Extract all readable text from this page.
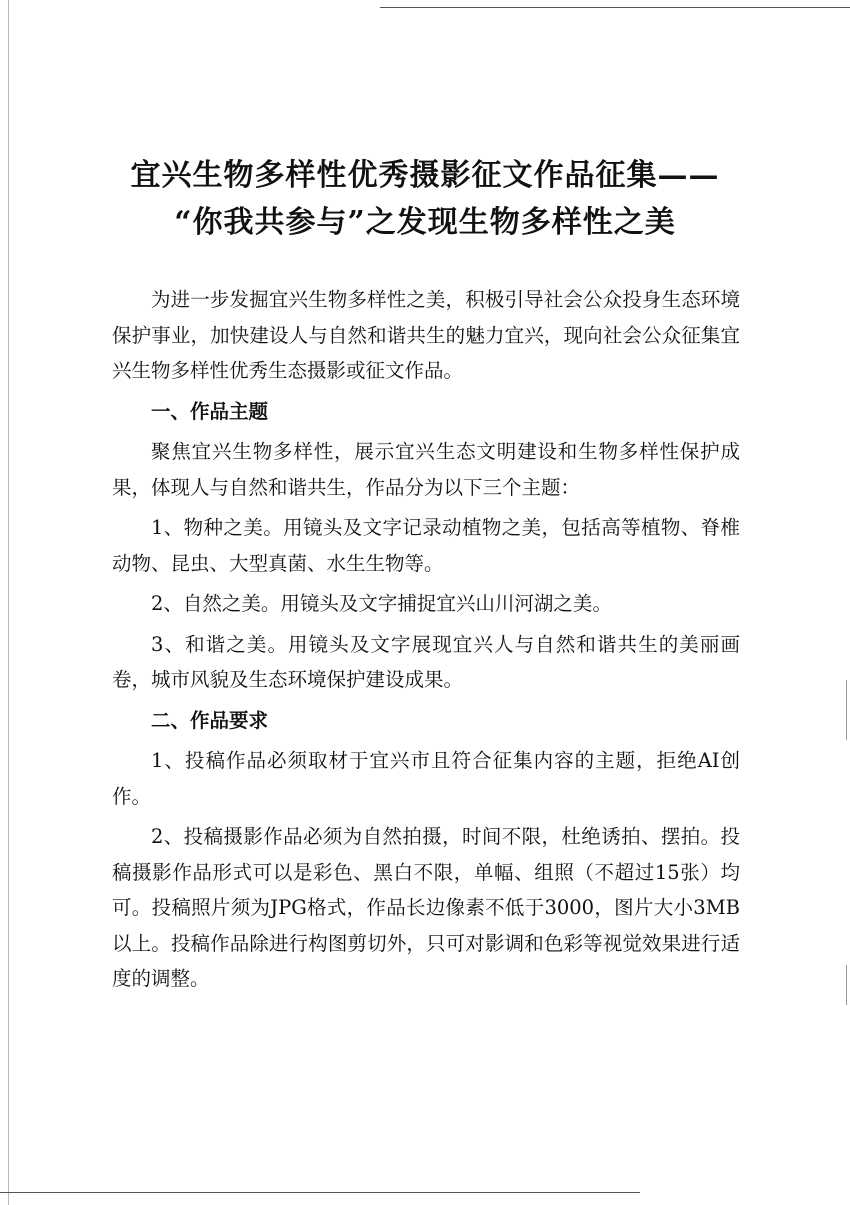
宜兴生物多样性优秀摄影征文作品征集——
“你我共参与”之发现生物多样性之美

为进一步发掘宜兴生物多样性之美，积极引导社会公众投身生态环境保护事业，加快建设人与自然和谐共生的魅力宜兴，现向社会公众征集宜兴生物多样性优秀生态摄影或征文作品。

一、作品主题

聚焦宜兴生物多样性，展示宜兴生态文明建设和生物多样性保护成果，体现人与自然和谐共生，作品分为以下三个主题：

1、物种之美。用镜头及文字记录动植物之美，包括高等植物、脊椎动物、昆虫、大型真菌、水生生物等。

2、自然之美。用镜头及文字捕捉宜兴山川河湖之美。

3、和谐之美。用镜头及文字展现宜兴人与自然和谐共生的美丽画卷，城市风貌及生态环境保护建设成果。

二、作品要求

1、投稿作品必须取材于宜兴市且符合征集内容的主题，拒绝AI创作。

2、投稿摄影作品必须为自然拍摄，时间不限，杜绝诱拍、摆拍。投稿摄影作品形式可以是彩色、黑白不限，单幅、组照（不超过15张）均可。投稿照片须为JPG格式，作品长边像素不低于3000，图片大小3MB以上。投稿作品除进行构图剪切外，只可对影调和色彩等视觉效果进行适度的调整。
